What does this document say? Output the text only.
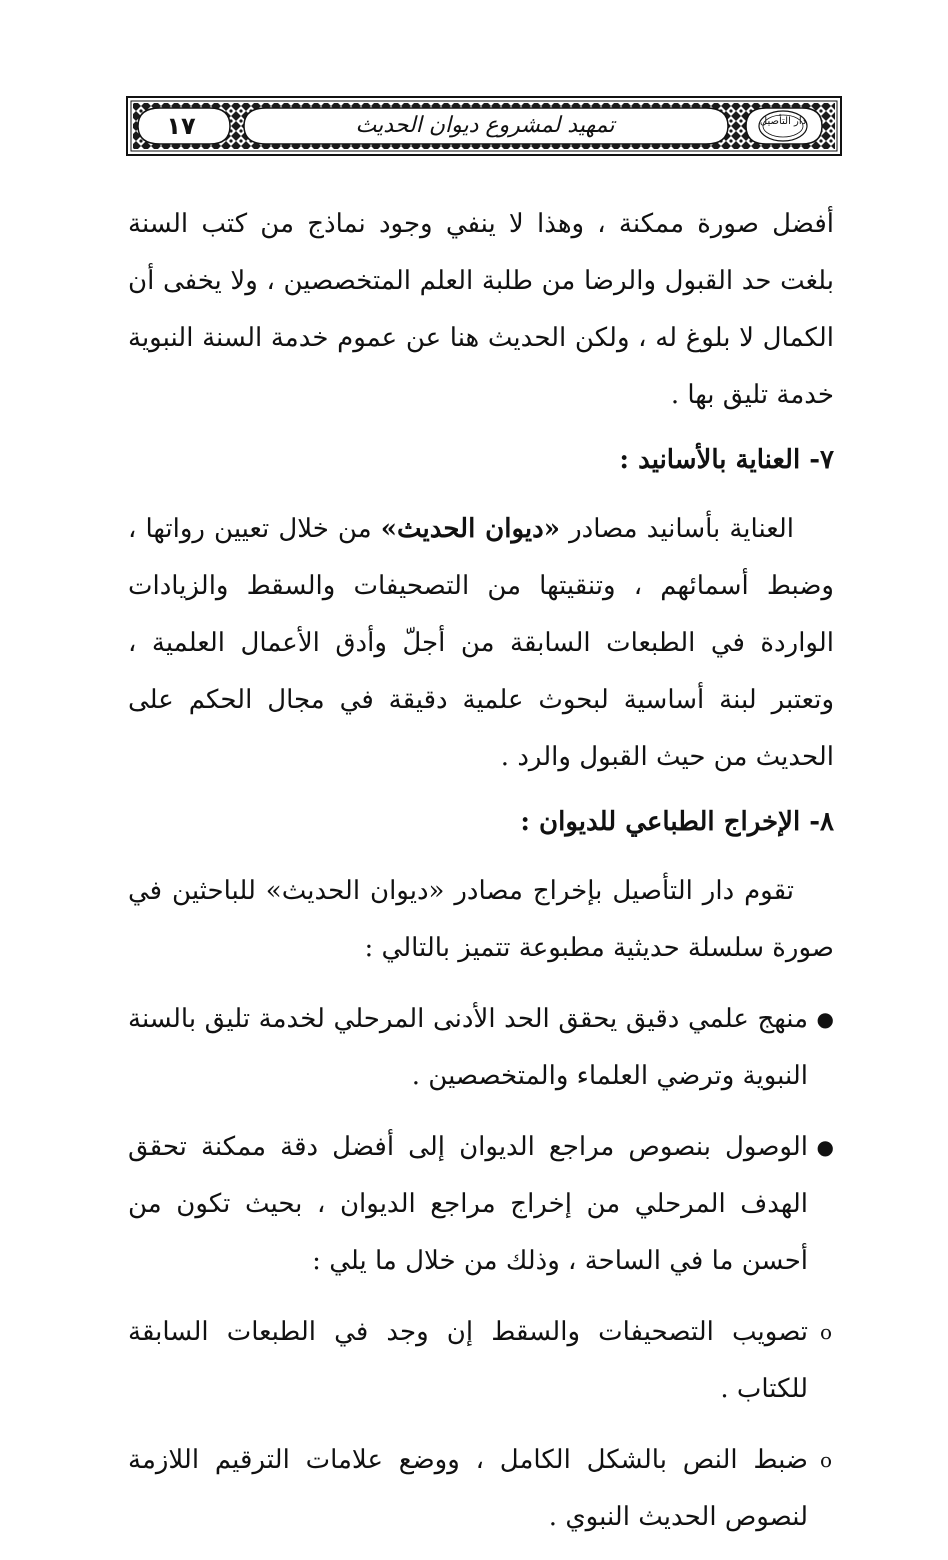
١٧	تمهيد لمشروع ديوان الحديث	دار التأصيل

أفضل صورة ممكنة ، وهذا لا ينفي وجود نماذج من كتب السنة بلغت حد القبول والرضا من طلبة العلم المتخصصين ، ولا يخفى أن الكمال لا بلوغ له ، ولكن الحديث هنا عن عموم خدمة السنة النبوية خدمة تليق بها .

٧- العناية بالأسانيد :

العناية بأسانيد مصادر «ديوان الحديث» من خلال تعيين رواتها ، وضبط أسمائهم ، وتنقيتها من التصحيفات والسقط والزيادات الواردة في الطبعات السابقة من أجلّ وأدق الأعمال العلمية ، وتعتبر لبنة أساسية لبحوث علمية دقيقة في مجال الحكم على الحديث من حيث القبول والرد .

٨- الإخراج الطباعي للديوان :

تقوم دار التأصيل بإخراج مصادر «ديوان الحديث» للباحثين في صورة سلسلة حديثية مطبوعة تتميز بالتالي :

●
منهج علمي دقيق يحقق الحد الأدنى المرحلي لخدمة تليق بالسنة النبوية وترضي العلماء والمتخصصين .
●
الوصول بنصوص مراجع الديوان إلى أفضل دقة ممكنة تحقق الهدف المرحلي من إخراج مراجع الديوان ، بحيث تكون من أحسن ما في الساحة ، وذلك من خلال ما يلي :
o
تصويب التصحيفات والسقط إن وجد في الطبعات السابقة للكتاب .
o
ضبط النص بالشكل الكامل ، ووضع علامات الترقيم اللازمة لنصوص الحديث النبوي .
